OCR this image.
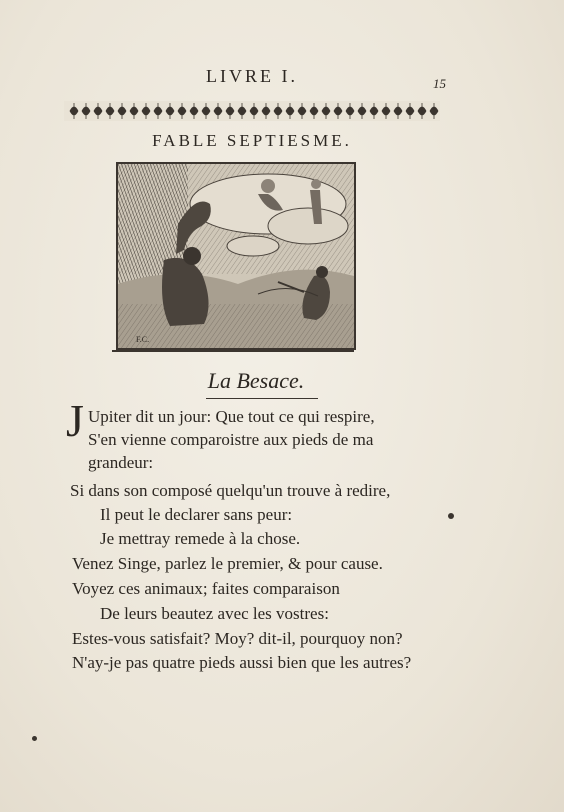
LIVRE I.	15
FABLE SEPTIESME.
F.C.
La Besace.
J Upiter dit un jour: Que tout ce qui respire,
S'en vienne comparoistre aux pieds de ma
grandeur:
Si dans son composé quelqu'un trouve à redire,
Il peut le declarer sans peur:
Je mettray remede à la chose.
Venez Singe, parlez le premier, & pour cause.
Voyez ces animaux; faites comparaison
De leurs beautez avec les vostres:
Estes-vous satisfait? Moy? dit-il, pourquoy non?
N'ay-je pas quatre pieds aussi bien que les autres?
